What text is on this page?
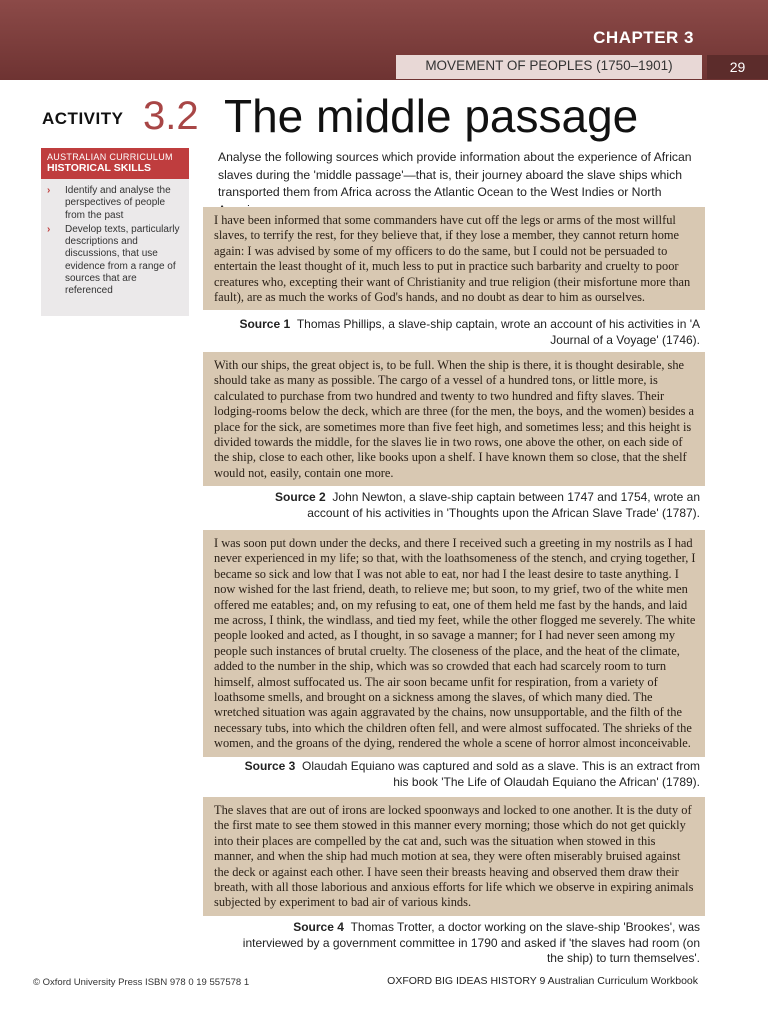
CHAPTER 3
MOVEMENT OF PEOPLES (1750–1901)	29
ACTIVITY 3.2 The middle passage
AUSTRALIAN CURRICULUM
HISTORICAL SKILLS
› Identify and analyse the perspectives of people from the past
› Develop texts, particularly descriptions and discussions, that use evidence from a range of sources that are referenced
Analyse the following sources which provide information about the experience of African slaves during the 'middle passage'—that is, their journey aboard the slave ships which transported them from Africa across the Atlantic Ocean to the West Indies or North
I have been informed that some commanders have cut off the legs or arms of the most willful slaves, to terrify the rest, for they believe that, if they lose a member, they cannot return home again: I was advised by some of my officers to do the same, but I could not be persuaded to entertain the least thought of it, much less to put in practice such barbarity and cruelty to poor creatures who, excepting their want of Christianity and true religion (their misfortune more than fault), are as much the works of God's hands, and no doubt as dear to him as ourselves.
Source 1 Thomas Phillips, a slave-ship captain, wrote an account of his activities in 'A Journal of a Voyage' (1746).
With our ships, the great object is, to be full. When the ship is there, it is thought desirable, she should take as many as possible. The cargo of a vessel of a hundred tons, or little more, is calculated to purchase from two hundred and twenty to two hundred and fifty slaves. Their lodging-rooms below the deck, which are three (for the men, the boys, and the women) besides a place for the sick, are sometimes more than five feet high, and sometimes less; and this height is divided towards the middle, for the slaves lie in two rows, one above the other, on each side of the ship, close to each other, like books upon a shelf. I have known them so close, that the shelf would not, easily, contain one more.
Source 2 John Newton, a slave-ship captain between 1747 and 1754, wrote an account of his activities in 'Thoughts upon the African Slave Trade' (1787).
I was soon put down under the decks, and there I received such a greeting in my nostrils as I had never experienced in my life; so that, with the loathsomeness of the stench, and crying together, I became so sick and low that I was not able to eat, nor had I the least desire to taste anything. I now wished for the last friend, death, to relieve me; but soon, to my grief, two of the white men offered me eatables; and, on my refusing to eat, one of them held me fast by the hands, and laid me across, I think, the windlass, and tied my feet, while the other flogged me severely. The white people looked and acted, as I thought, in so savage a manner; for I had never seen among my people such instances of brutal cruelty. The closeness of the place, and the heat of the climate, added to the number in the ship, which was so crowded that each had scarcely room to turn himself, almost suffocated us. The air soon became unfit for respiration, from a variety of loathsome smells, and brought on a sickness among the slaves, of which many died. The wretched situation was again aggravated by the chains, now unsupportable, and the filth of the necessary tubs, into which the children often fell, and were almost suffocated. The shrieks of the women, and the groans of the dying, rendered the whole a scene of horror almost inconceivable.
Source 3 Olaudah Equiano was captured and sold as a slave. This is an extract from his book 'The Life of Olaudah Equiano the African' (1789).
The slaves that are out of irons are locked spoonways and locked to one another. It is the duty of the first mate to see them stowed in this manner every morning; those which do not get quickly into their places are compelled by the cat and, such was the situation when stowed in this manner, and when the ship had much motion at sea, they were often miserably bruised against the deck or against each other. I have seen their breasts heaving and observed them draw their breath, with all those laborious and anxious efforts for life which we observe in expiring animals subjected by experiment to bad air of various kinds.
Source 4 Thomas Trotter, a doctor working on the slave-ship 'Brookes', was interviewed by a government committee in 1790 and asked if 'the slaves had room (on the ship) to turn themselves'.
© Oxford University Press ISBN 978 0 19 557578 1	OXFORD BIG IDEAS HISTORY 9 Australian Curriculum Workbook
